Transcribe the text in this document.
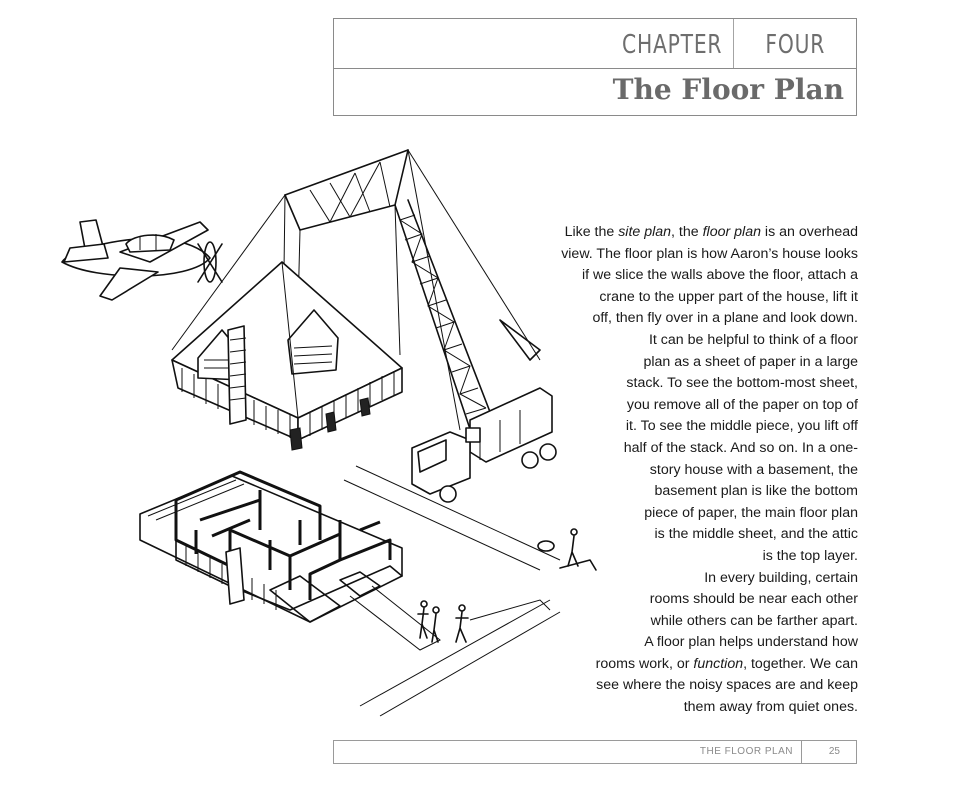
CHAPTER	FOUR
The Floor Plan
Like the site plan, the floor plan is an overhead
view. The floor plan is how Aaron’s house looks
if we slice the walls above the floor, attach a
crane to the upper part of the house, lift it
off, then fly over in a plane and look down.
It can be helpful to think of a floor
plan as a sheet of paper in a large
stack. To see the bottom-most sheet,
you remove all of the paper on top of
it. To see the middle piece, you lift off
half of the stack. And so on. In a one-
story house with a basement, the
basement plan is like the bottom
piece of paper, the main floor plan
is the middle sheet, and the attic
is the top layer.
In every building, certain
rooms should be near each other
while others can be farther apart.
A floor plan helps understand how
rooms work, or function, together. We can
see where the noisy spaces are and keep
them away from quiet ones.
THE FLOOR PLAN	25
